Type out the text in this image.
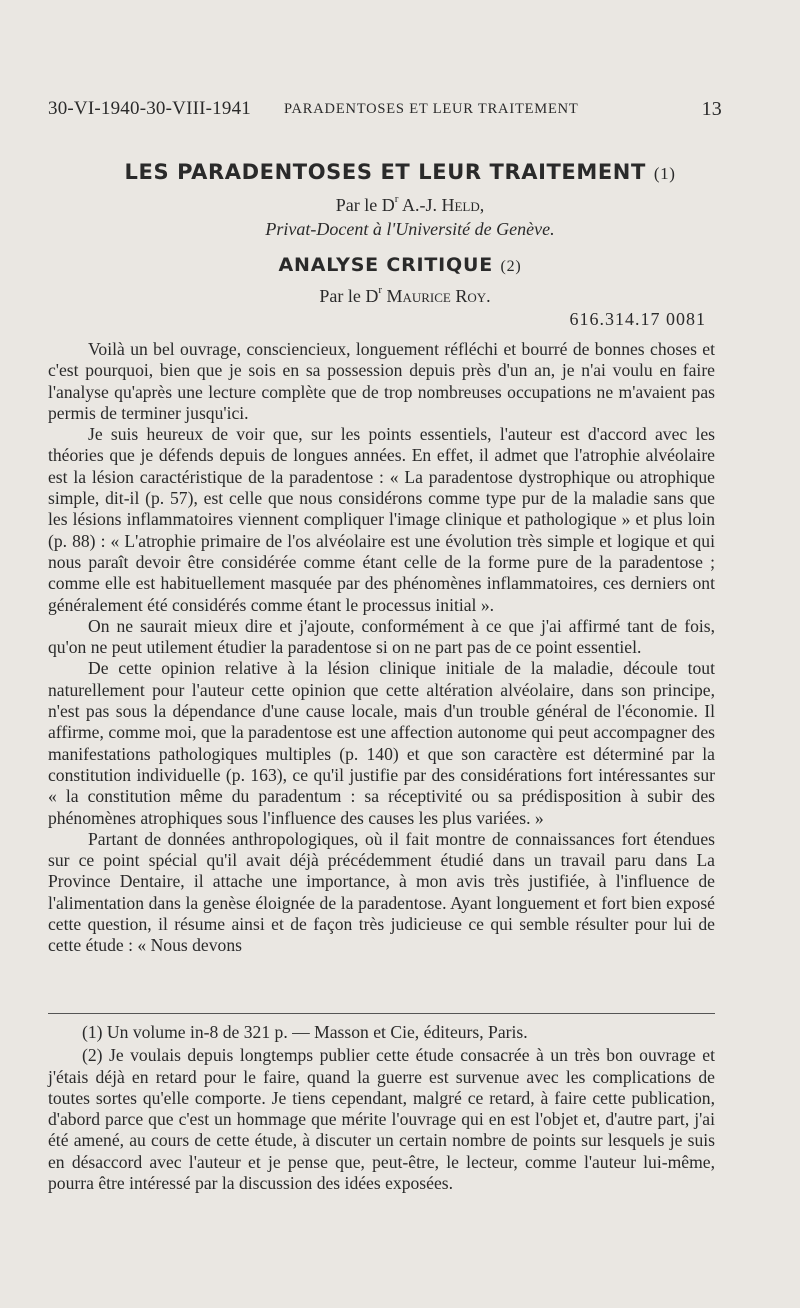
30-VI-1940-30-VIII-1941 PARADENTOSES ET LEUR TRAITEMENT	13
LES PARADENTOSES ET LEUR TRAITEMENT (1)
Par le $D^r$ A.-J. Held,
Privat-Docent à l'Université de Genève.
ANALYSE CRITIQUE (2)
Par le $D^r$ Maurice Roy.
616.314.17 0081

Voilà un bel ouvrage, consciencieux, longuement réfléchi et bourré de bonnes choses et c'est pourquoi, bien que je sois en sa possession depuis près d'un an, je n'ai voulu en faire l'analyse qu'après une lecture complète que de trop nombreuses occupations ne m'avaient pas permis de terminer jusqu'ici.

Je suis heureux de voir que, sur les points essentiels, l'auteur est d'accord avec les théories que je défends depuis de longues années. En effet, il admet que l'atrophie alvéolaire est la lésion caractéristique de la paradentose : « La paradentose dystrophique ou atrophique simple, dit-il (p. 57), est celle que nous considérons comme type pur de la maladie sans que les lésions inflammatoires viennent compliquer l'image clinique et pathologique » et plus loin (p. 88) : « L'atrophie primaire de l'os alvéolaire est une évolution très simple et logique et qui nous paraît devoir être considérée comme étant celle de la forme pure de la paradentose ; comme elle est habituellement masquée par des phénomènes inflammatoires, ces derniers ont généralement été considérés comme étant le processus initial ».

On ne saurait mieux dire et j'ajoute, conformément à ce que j'ai affirmé tant de fois, qu'on ne peut utilement étudier la paradentose si on ne part pas de ce point essentiel.

De cette opinion relative à la lésion clinique initiale de la maladie, découle tout naturellement pour l'auteur cette opinion que cette altération alvéolaire, dans son principe, n'est pas sous la dépendance d'une cause locale, mais d'un trouble général de l'économie. Il affirme, comme moi, que la paradentose est une affection autonome qui peut accompagner des manifestations pathologiques multiples (p. 140) et que son caractère est déterminé par la constitution individuelle (p. 163), ce qu'il justifie par des considérations fort intéressantes sur « la constitution même du paradentum : sa réceptivité ou sa prédisposition à subir des phénomènes atrophiques sous l'influence des causes les plus variées. »

Partant de données anthropologiques, où il fait montre de connaissances fort étendues sur ce point spécial qu'il avait déjà précédemment étudié dans un travail paru dans La Province Dentaire, il attache une importance, à mon avis très justifiée, à l'influence de l'alimentation dans la genèse éloignée de la paradentose. Ayant longuement et fort bien exposé cette question, il résume ainsi et de façon très judicieuse ce qui semble résulter pour lui de cette étude : « Nous devons

(1) Un volume in-8 de 321 p. — Masson et Cie, éditeurs, Paris.

(2) Je voulais depuis longtemps publier cette étude consacrée à un très bon ouvrage et j'étais déjà en retard pour le faire, quand la guerre est survenue avec les complications de toutes sortes qu'elle comporte. Je tiens cependant, malgré ce retard, à faire cette publication, d'abord parce que c'est un hommage que mérite l'ouvrage qui en est l'objet et, d'autre part, j'ai été amené, au cours de cette étude, à discuter un certain nombre de points sur lesquels je suis en désaccord avec l'auteur et je pense que, peut-être, le lecteur, comme l'auteur lui-même, pourra être intéressé par la discussion des idées exposées.
